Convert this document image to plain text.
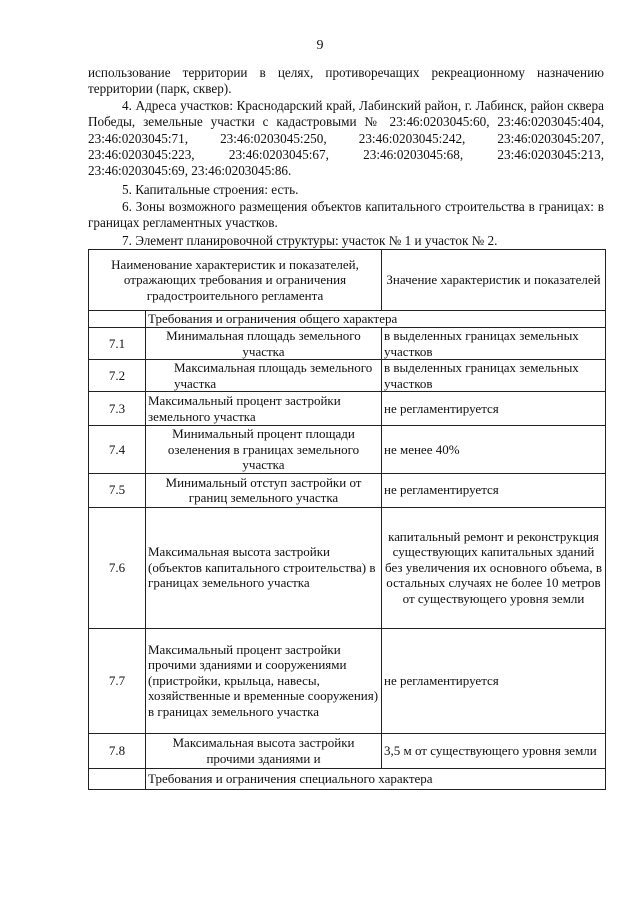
9

использование территории в целях, противоречащих рекреационному назначению территории (парк, сквер).

4. Адреса участков: Краснодарский край, Лабинский район, г. Лабинск, район сквера Победы, земельные участки с кадастровыми № 23:46:0203045:60, 23:46:0203045:404, 23:46:0203045:71, 23:46:0203045:250, 23:46:0203045:242, 23:46:0203045:207, 23:46:0203045:223, 23:46:0203045:67, 23:46:0203045:68, 23:46:0203045:213, 23:46:0203045:69, 23:46:0203045:86.

5. Капитальные строения: есть.

6. Зоны возможного размещения объектов капитального строительства в границах: в границах регламентных участков.

7. Элемент планировочной структуры: участок № 1 и участок № 2.

Наименование характеристик и показателей, отражающих требования и ограничения градостроительного регламента		Значение характеристик и показателей
	Требования и ограничения общего характера	
7.1	Минимальная площадь земельного участка	в выделенных границах земельных участков
7.2	Максимальная площадь земельного участка	в выделенных границах земельных участков
7.3	Максимальный процент застройки земельного участка	не регламентируется
7.4	Минимальный процент площади озеленения в границах земельного участка	не менее 40%
7.5	Минимальный отступ застройки от границ земельного участка	не регламентируется
7.6	Максимальная высота застройки (объектов капитального строительства) в границах земельного участка	капитальный ремонт и реконструкция существующих капитальных зданий без увеличения их основного объема, в остальных случаях не более 10 метров от существующего уровня земли
7.7	Максимальный процент застройки прочими зданиями и сооружениями (пристройки, крыльца, навесы, хозяйственные и временные сооружения) в границах земельного участка	не регламентируется
7.8	Максимальная высота застройки прочими зданиями и	3,5 м от существующего уровня земли
	Требования и ограничения специального характера	
